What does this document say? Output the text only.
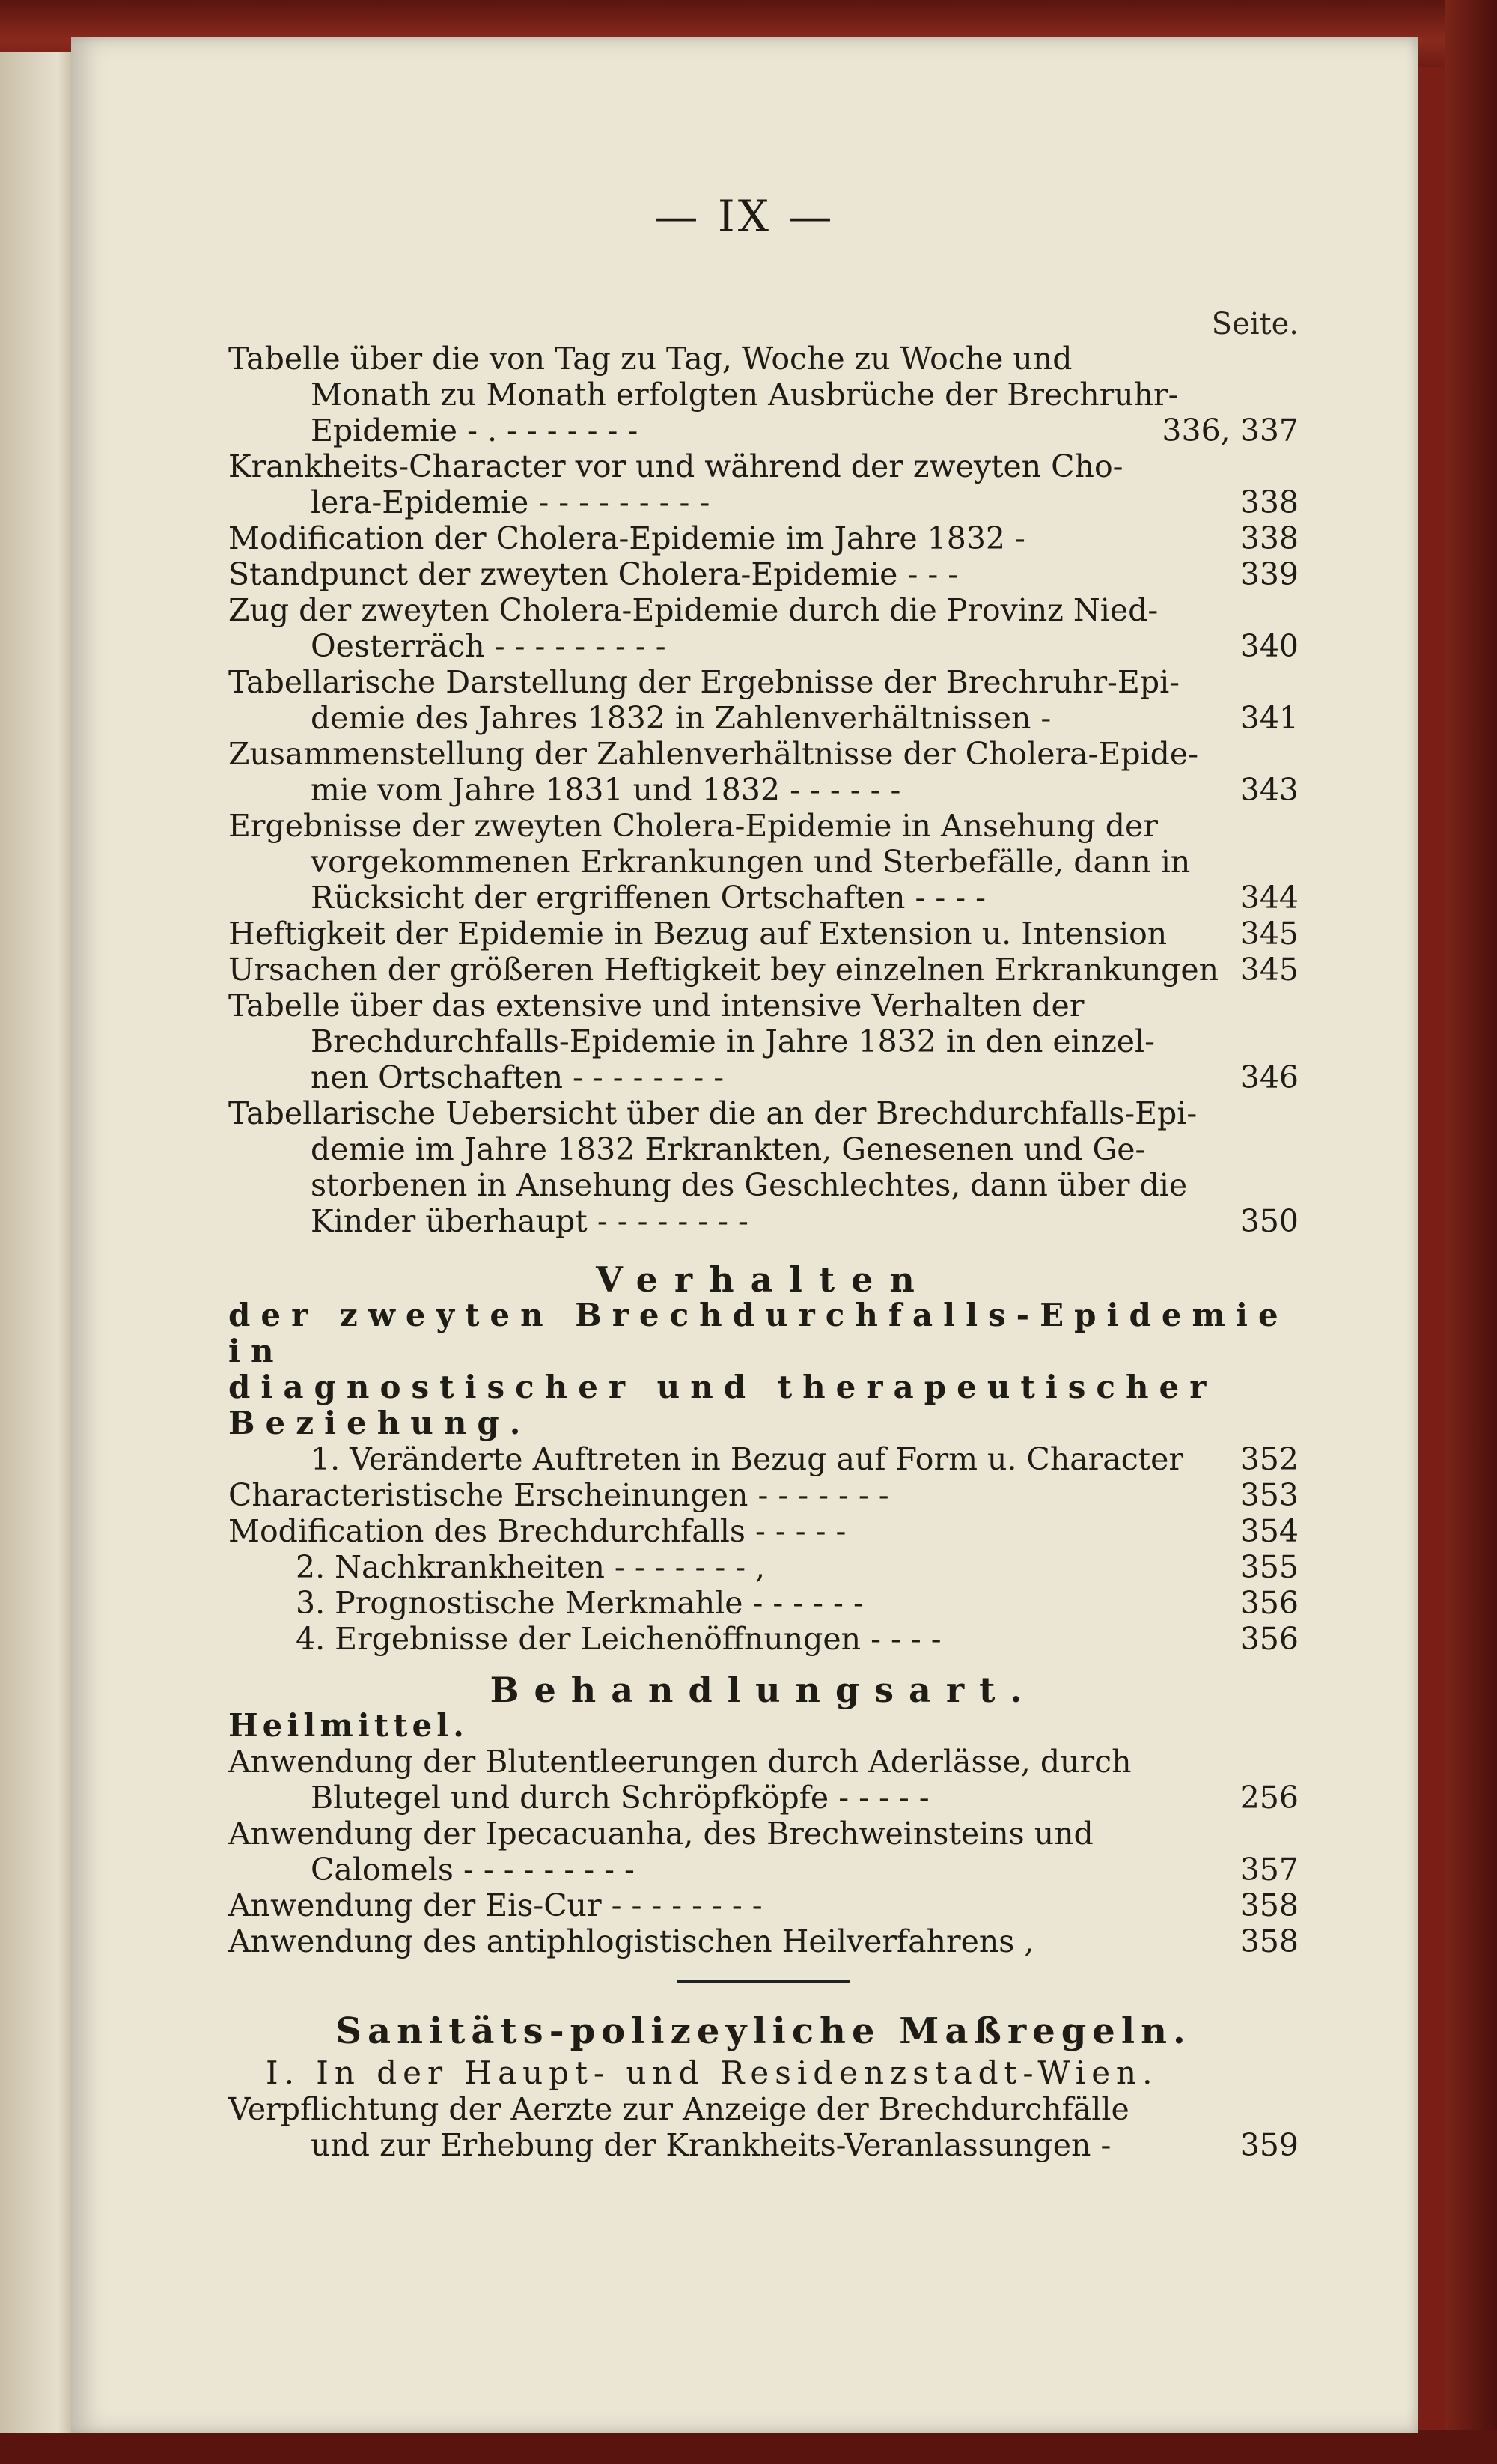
— IX —
Seite.
Tabelle über die von Tag zu Tag, Woche zu Woche und
Monath zu Monath erfolgten Ausbrüche der Brechruhr-
Epidemie - . - - - - - - -	336, 337
Krankheits-Character vor und während der zweyten Cho-
lera-Epidemie - - - - - - - - -	338
Modification der Cholera-Epidemie im Jahre 1832 -	338
Standpunct der zweyten Cholera-Epidemie - - -	339
Zug der zweyten Cholera-Epidemie durch die Provinz Nied-
Oesterräch - - - - - - - - -	340
Tabellarische Darstellung der Ergebnisse der Brechruhr-Epi-
demie des Jahres 1832 in Zahlenverhältnissen -	341
Zusammenstellung der Zahlenverhältnisse der Cholera-Epide-
mie vom Jahre 1831 und 1832 - - - - - -	343
Ergebnisse der zweyten Cholera-Epidemie in Ansehung der
vorgekommenen Erkrankungen und Sterbefälle, dann in
Rücksicht der ergriffenen Ortschaften - - - -	344
Heftigkeit der Epidemie in Bezug auf Extension u. Intension	345
Ursachen der größeren Heftigkeit bey einzelnen Erkrankungen 345
Tabelle über das extensive und intensive Verhalten der
Brechdurchfalls-Epidemie in Jahre 1832 in den einzel-
nen Ortschaften - - - - - - - -	346
Tabellarische Uebersicht über die an der Brechdurchfalls-Epi-
demie im Jahre 1832 Erkrankten, Genesenen und Ge-
storbenen in Ansehung des Geschlechtes, dann über die
Kinder überhaupt - - - - - - - -	350
Verhalten
der zweyten Brechdurchfalls-Epidemie in
diagnostischer und therapeutischer Beziehung.
1. Veränderte Auftreten in Bezug auf Form u. Character	352
Characteristische Erscheinungen - - - - - - -	353
Modification des Brechdurchfalls - - - - -	354
2. Nachkrankheiten - - - - - - - ,	355
3. Prognostische Merkmahle - - - - - -	356
4. Ergebnisse der Leichenöffnungen - - - -	356
Behandlungsart.
Heilmittel.
Anwendung der Blutentleerungen durch Aderlässe, durch
Blutegel und durch Schröpfköpfe - - - - -	256
Anwendung der Ipecacuanha, des Brechweinsteins und
Calomels - - - - - - - - -	357
Anwendung der Eis-Cur - - - - - - - -	358
Anwendung des antiphlogistischen Heilverfahrens ,	358
Sanitäts-polizeyliche Maßregeln.
I. In der Haupt- und Residenzstadt-Wien.
Verpflichtung der Aerzte zur Anzeige der Brechdurchfälle
und zur Erhebung der Krankheits-Veranlassungen -	359
